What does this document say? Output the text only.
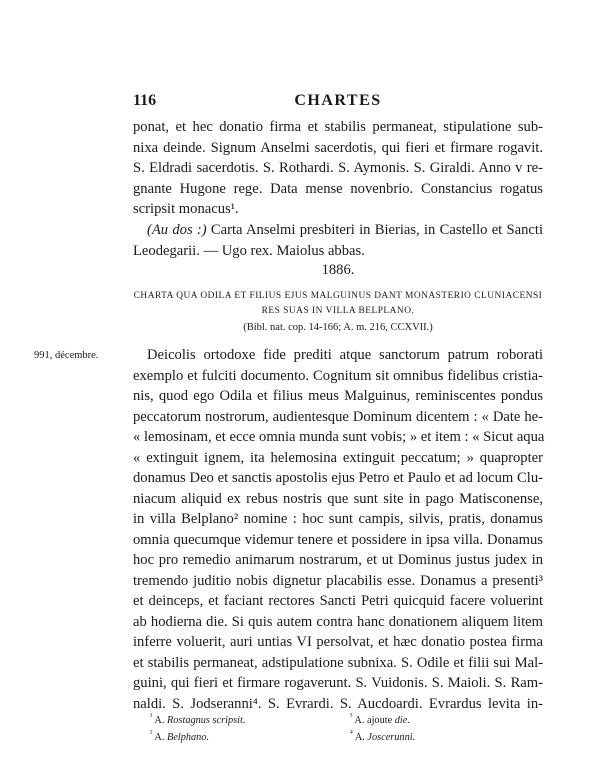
116	CHARTES
ponat, et hec donatio firma et stabilis permaneat, stipulatione sub-
nixa deinde. Signum Anselmi sacerdotis, qui fieri et firmare rogavit.
S. Eldradi sacerdotis. S. Rothardi. S. Aymonis. S. Giraldi. Anno v re-
gnante Hugone rege. Data mense novenbrio. Constancius rogatus
scripsit monacus¹.
(Au dos :) Carta Anselmi presbiteri in Bierias, in Castello et Sancti
Leodegarii. — Ugo rex. Maiolus abbas.
1886.
CHARTA QUA ODILA ET FILIUS EJUS MALGUINUS DANT MONASTERIO CLUNIACENSI
RES SUAS IN VILLA BELPLANO.
(Bibl. nat. cop. 14-166; A. m. 216, CCXVII.)
991, décembre.	Deicolis ortodoxe fide prediti atque sanctorum patrum roborati
exemplo et fulciti documento. Cognitum sit omnibus fidelibus cristia-
nis, quod ego Odila et filius meus Malguinus, reminiscentes pondus
peccatorum nostrorum, audientesque Dominum dicentem : « Date he-
« lemosinam, et ecce omnia munda sunt vobis; » et item : « Sicut aqua
« extinguit ignem, ita helemosina extinguit peccatum; » quapropter
donamus Deo et sanctis apostolis ejus Petro et Paulo et ad locum Clu-
niacum aliquid ex rebus nostris que sunt site in pago Matisconense,
in villa Belplano² nomine : hoc sunt campis, silvis, pratis, donamus
omnia quecumque videmur tenere et possidere in ipsa villa. Donamus
hoc pro remedio animarum nostrarum, et ut Dominus justus judex in
tremendo juditio nobis dignetur placabilis esse. Donamus a presenti³
et deinceps, et faciant rectores Sancti Petri quicquid facere voluerint
ab hodierna die. Si quis autem contra hanc donationem aliquem litem
inferre voluerit, auri untias VI persolvat, et hæc donatio postea firma
et stabilis permaneat, adstipulatione subnixa. S. Odile et filii sui Mal-
guini, qui fieri et firmare rogaverunt. S. Vuidonis. S. Maioli. S. Ram-
naldi. S. Jodseranni⁴. S. Evrardi. S. Aucdoardi. Evrardus levita in-
$^{^1}$ A. Rostagnus scripsit.
$^{^2}$ A. Belphano.
$^{^3}$ A. ajoute die.
$^{^4}$ A. Joscerunni.
